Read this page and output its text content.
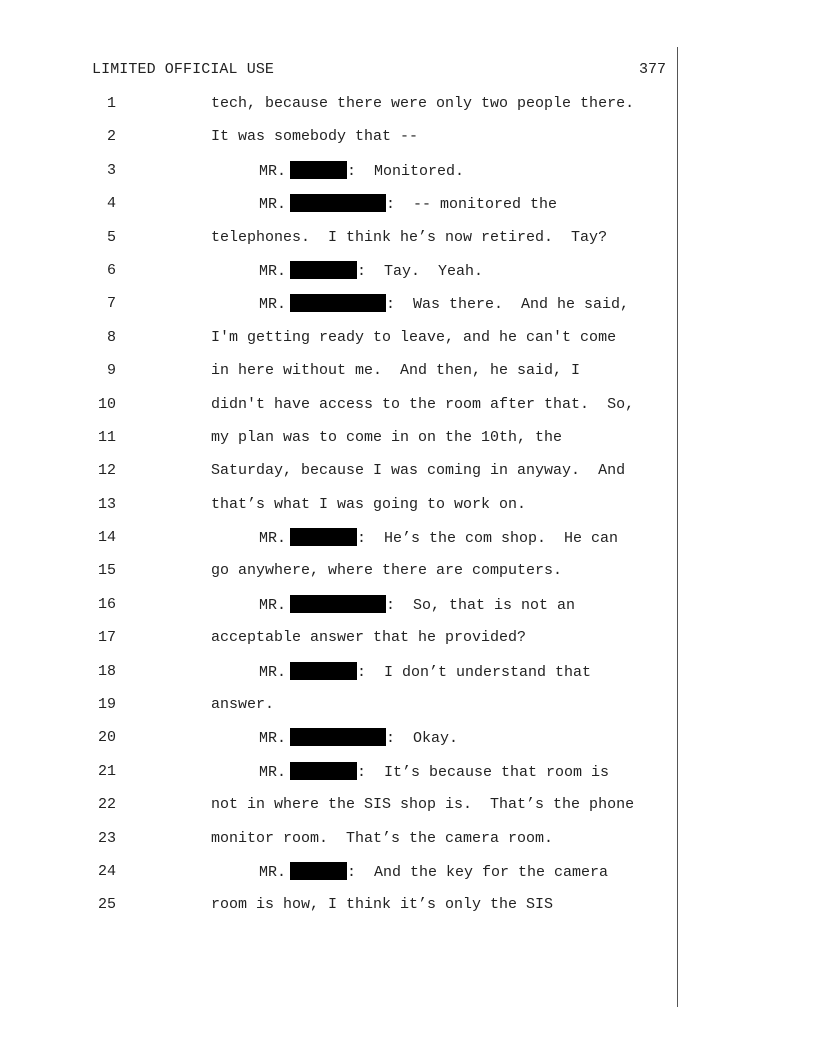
LIMITED OFFICIAL USE	377

1

	tech, because there were only two people there.

2

	It was somebody that --

3

	MR.	:  Monitored.

4

	MR.	:  -- monitored the

5

	telephones.  I think he’s now retired.  Tay?

6

	MR.	:  Tay.  Yeah.

7

	MR.	:  Was there.  And he said,

8

	I'm getting ready to leave, and he can't come

9

	in here without me.  And then, he said, I

10

	didn't have access to the room after that.  So,

11

	my plan was to come in on the 10th, the

12

	Saturday, because I was coming in anyway.  And

13

	that’s what I was going to work on.

14

	MR.	:  He’s the com shop.  He can

15

	go anywhere, where there are computers.

16

	MR.	:  So, that is not an

17

	acceptable answer that he provided?

18

	MR.	:  I don’t understand that

19

	answer.

20

	MR.	:  Okay.

21

	MR.	:  It’s because that room is

22

	not in where the SIS shop is.  That’s the phone

23

	monitor room.  That’s the camera room.

24

	MR.	:  And the key for the camera

25

	room is how, I think it’s only the SIS
